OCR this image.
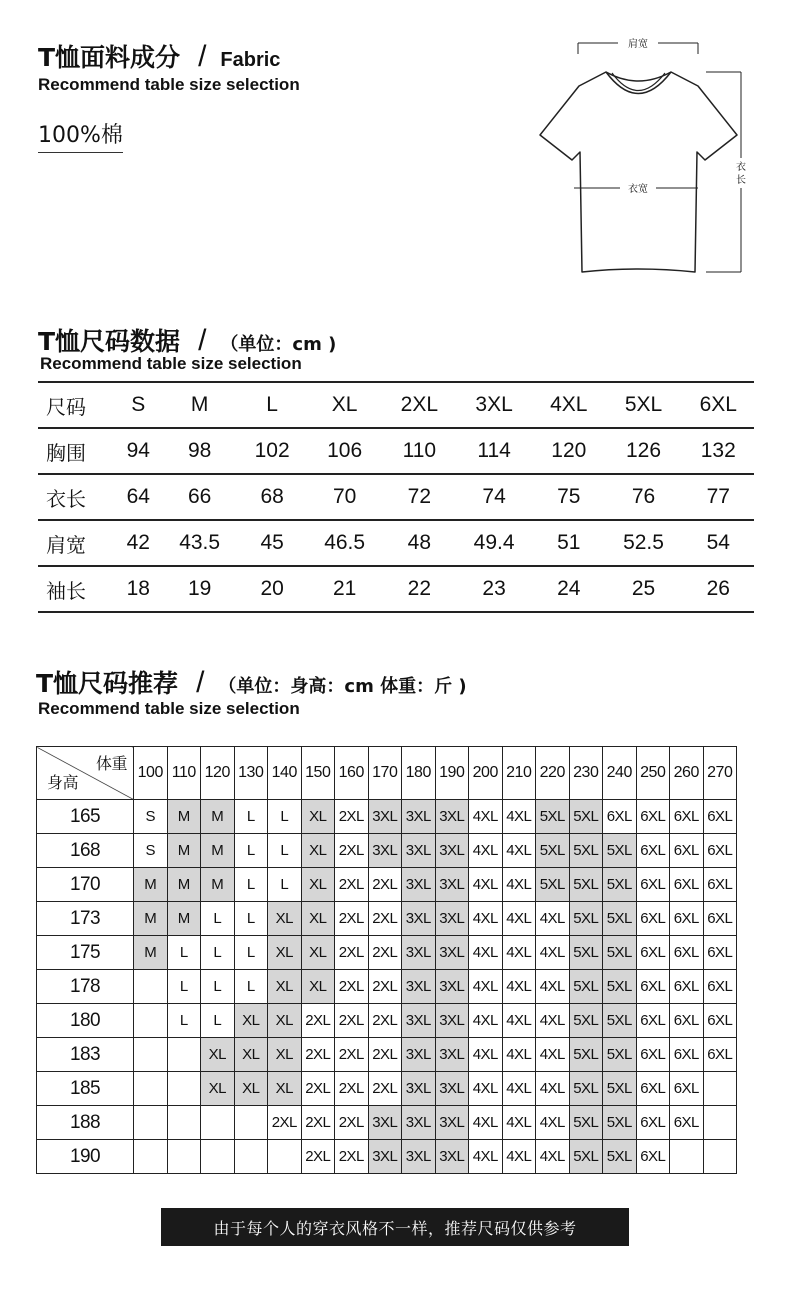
T恤面料成分 / Fabric
Recommend table size selection
100%棉
肩宽
衣宽
衣
长
T恤尺码数据 / （单位：cm )
Recommend table size selection
尺码	S	M	L	XL	2XL	3XL	4XL	5XL	6XL
胸围	94	98	102	106	110	114	120	126	132
衣长	64	66	68	70	72	74	75	76	77
肩宽	42	43.5	45	46.5	48	49.4	51	52.5	54
袖长	18	19	20	21	22	23	24	25	26
T恤尺码推荐 / （单位：身高：cm 体重：斤 )
Recommend table size selection
体重
身高	100	110	120	130	140	150	160	170	180	190	200	210	220	230	240	250	260	270
165	S	M	M	L	L	XL	2XL	3XL	3XL	3XL	4XL	4XL	5XL	5XL	6XL	6XL	6XL	6XL
168	S	M	M	L	L	XL	2XL	3XL	3XL	3XL	4XL	4XL	5XL	5XL	5XL	6XL	6XL	6XL
170	M	M	M	L	L	XL	2XL	2XL	3XL	3XL	4XL	4XL	5XL	5XL	5XL	6XL	6XL	6XL
173	M	M	L	L	XL	XL	2XL	2XL	3XL	3XL	4XL	4XL	4XL	5XL	5XL	6XL	6XL	6XL
175	M	L	L	L	XL	XL	2XL	2XL	3XL	3XL	4XL	4XL	4XL	5XL	5XL	6XL	6XL	6XL
178		L	L	L	XL	XL	2XL	2XL	3XL	3XL	4XL	4XL	4XL	5XL	5XL	6XL	6XL	6XL
180		L	L	XL	XL	2XL	2XL	2XL	3XL	3XL	4XL	4XL	4XL	5XL	5XL	6XL	6XL	6XL
183			XL	XL	XL	2XL	2XL	2XL	3XL	3XL	4XL	4XL	4XL	5XL	5XL	6XL	6XL	6XL
185			XL	XL	XL	2XL	2XL	2XL	3XL	3XL	4XL	4XL	4XL	5XL	5XL	6XL	6XL	
188					2XL	2XL	2XL	3XL	3XL	3XL	4XL	4XL	4XL	5XL	5XL	6XL	6XL	
190						2XL	2XL	3XL	3XL	3XL	4XL	4XL	4XL	5XL	5XL	6XL		
由于每个人的穿衣风格不一样，推荐尺码仅供参考
